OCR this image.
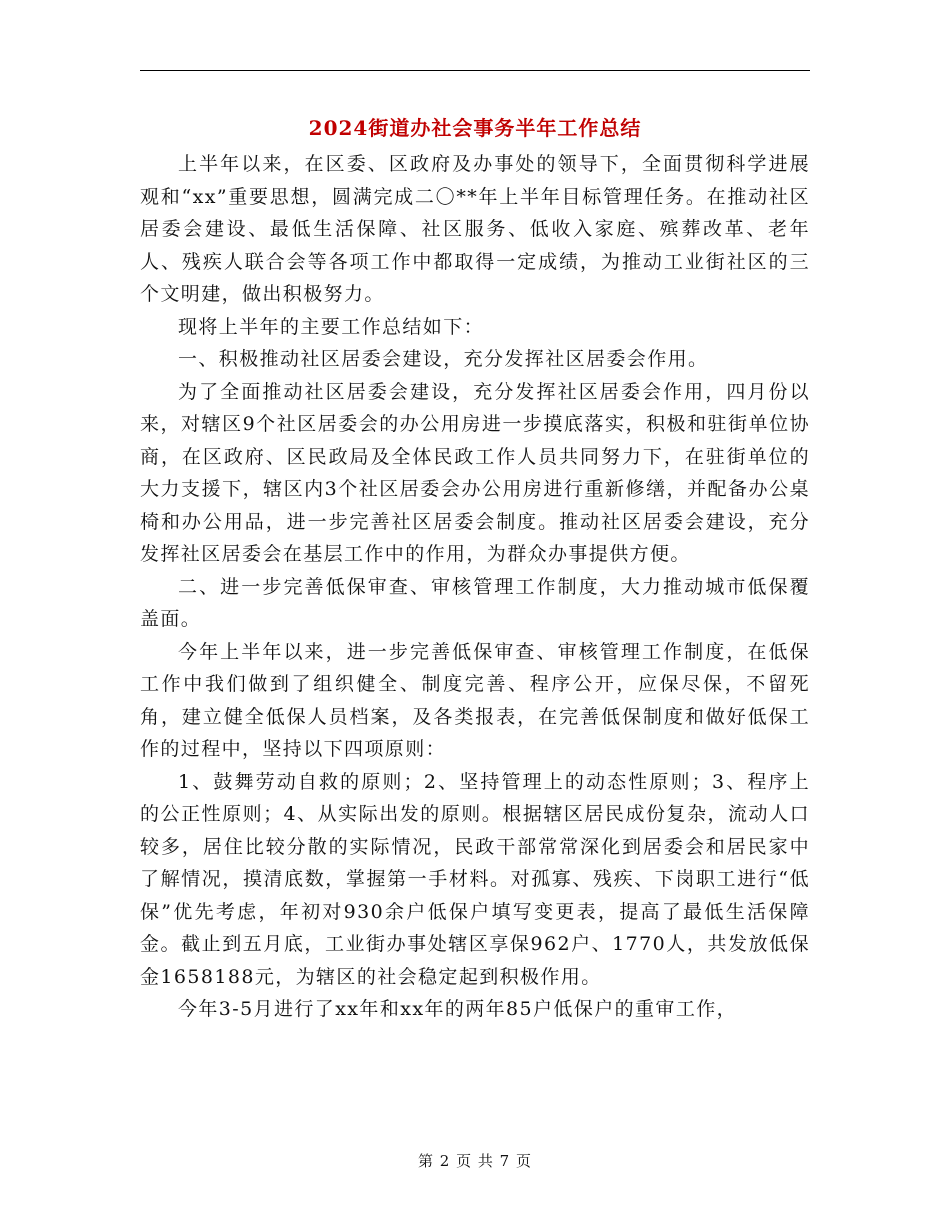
2024街道办社会事务半年工作总结

上半年以来，在区委、区政府及办事处的领导下，全面贯彻科学进展观和“xx”重要思想，圆满完成二〇**年上半年目标管理任务。在推动社区居委会建设、最低生活保障、社区服务、低收入家庭、殡葬改革、老年人、残疾人联合会等各项工作中都取得一定成绩，为推动工业街社区的三个文明建，做出积极努力。

现将上半年的主要工作总结如下：

一、积极推动社区居委会建设，充分发挥社区居委会作用。

为了全面推动社区居委会建设，充分发挥社区居委会作用，四月份以来，对辖区9个社区居委会的办公用房进一步摸底落实，积极和驻街单位协商，在区政府、区民政局及全体民政工作人员共同努力下，在驻街单位的大力支援下，辖区内3个社区居委会办公用房进行重新修缮，并配备办公桌椅和办公用品，进一步完善社区居委会制度。推动社区居委会建设，充分发挥社区居委会在基层工作中的作用，为群众办事提供方便。

二、进一步完善低保审查、审核管理工作制度，大力推动城市低保覆盖面。

今年上半年以来，进一步完善低保审查、审核管理工作制度，在低保工作中我们做到了组织健全、制度完善、程序公开，应保尽保，不留死角，建立健全低保人员档案，及各类报表，在完善低保制度和做好低保工作的过程中，坚持以下四项原则：

1、鼓舞劳动自救的原则；2、坚持管理上的动态性原则；3、程序上的公正性原则；4、从实际出发的原则。根据辖区居民成份复杂，流动人口较多，居住比较分散的实际情况，民政干部常常深化到居委会和居民家中了解情况，摸清底数，掌握第一手材料。对孤寡、残疾、下岗职工进行“低保”优先考虑，年初对930余户低保户填写变更表，提高了最低生活保障金。截止到五月底，工业街办事处辖区享保962户、1770人，共发放低保金1658188元，为辖区的社会稳定起到积极作用。

今年3-5月进行了xx年和xx年的两年85户低保户的重审工作，

第 2 页 共 7 页
